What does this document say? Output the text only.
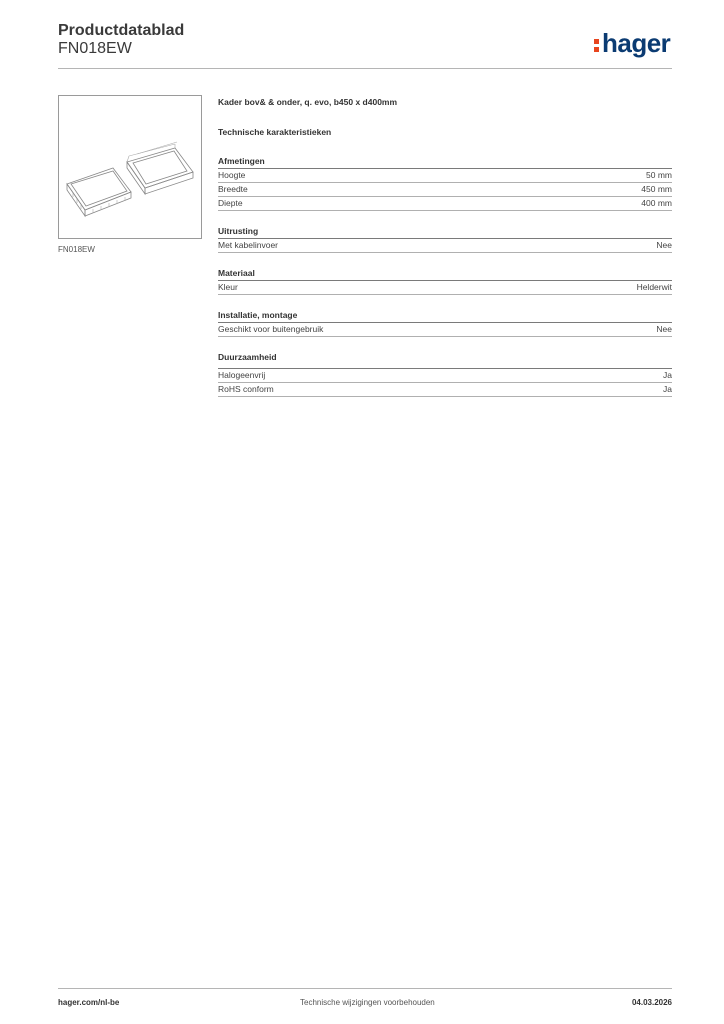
Productdatablad
FN018EW	hager
FN018EW
Kader bov& & onder, q. evo, b450 x d400mm
Technische karakteristieken
Afmetingen
Hoogte	50 mm
Breedte	450 mm
Diepte	400 mm
Uitrusting
Met kabelinvoer	Nee
Materiaal
Kleur	Helderwit
Installatie, montage
Geschikt voor buitengebruik	Nee
Duurzaamheid
Halogeenvrij	Ja
RoHS conform	Ja
hager.com/nl-be	Technische wijzigingen voorbehouden	04.03.2026
